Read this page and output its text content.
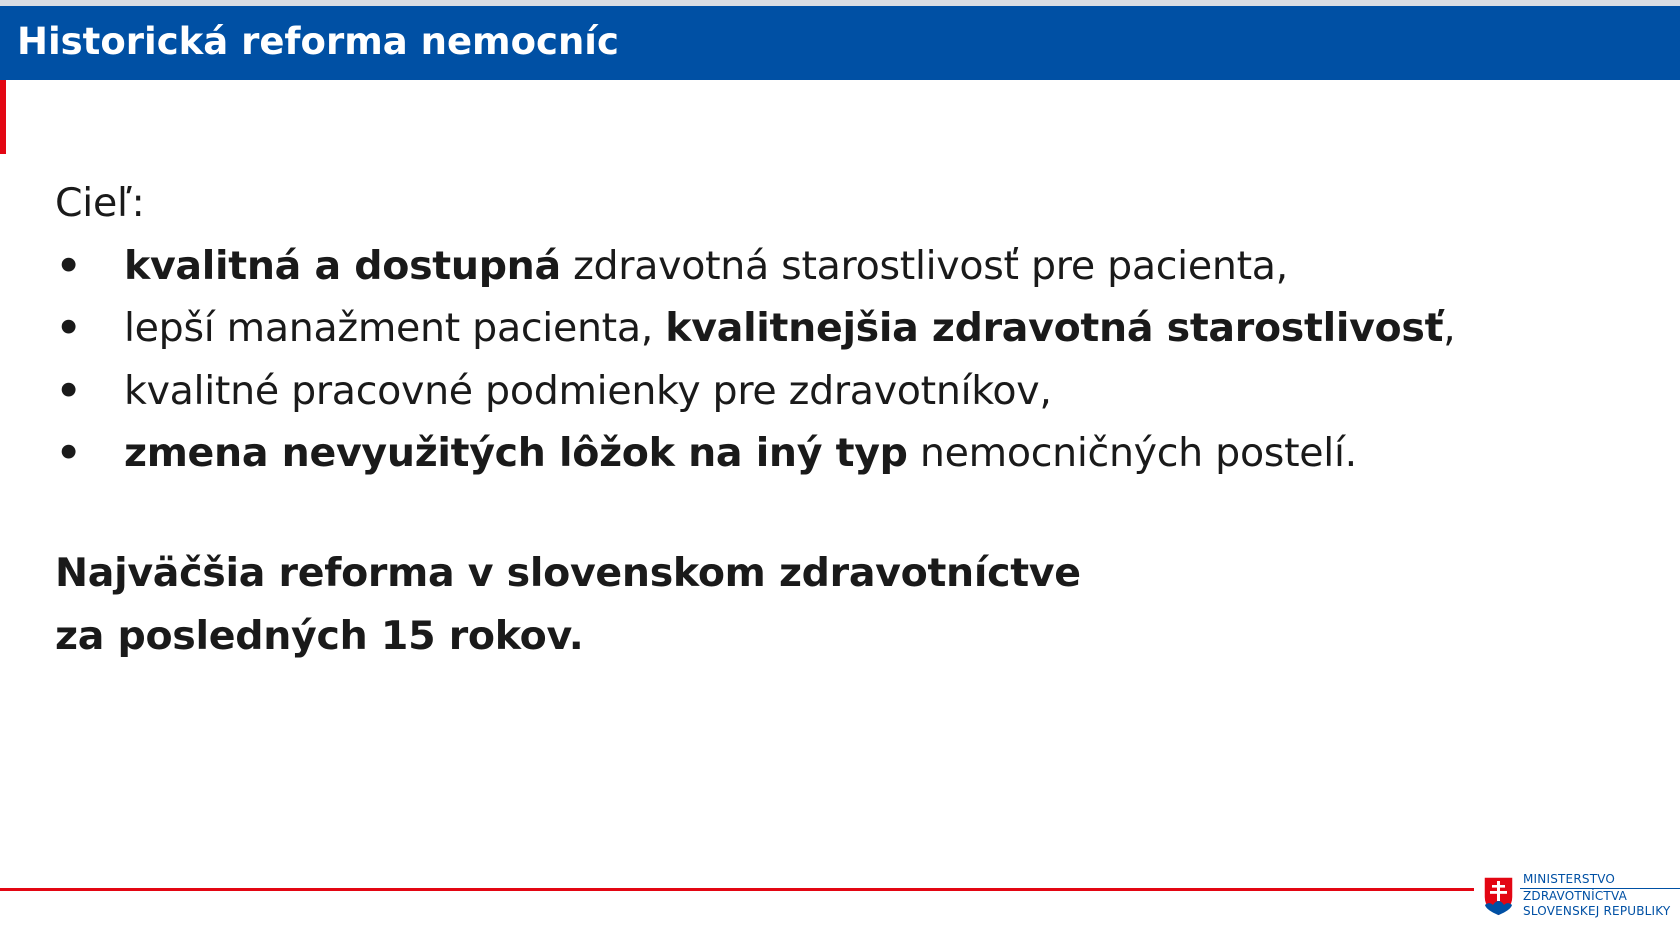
Historická reforma nemocníc
Cieľ:
• kvalitná a dostupná zdravotná starostlivosť pre pacienta,
• lepší manažment pacienta, kvalitnejšia zdravotná starostlivosť,
• kvalitné pracovné podmienky pre zdravotníkov,
• zmena nevyužitých lôžok na iný typ nemocničných postelí.
Najväčšia reforma v slovenskom zdravotníctve
za posledných 15 rokov.
MINISTERSTVO
ZDRAVOTNÍCTVA
SLOVENSKEJ REPUBLIKY
